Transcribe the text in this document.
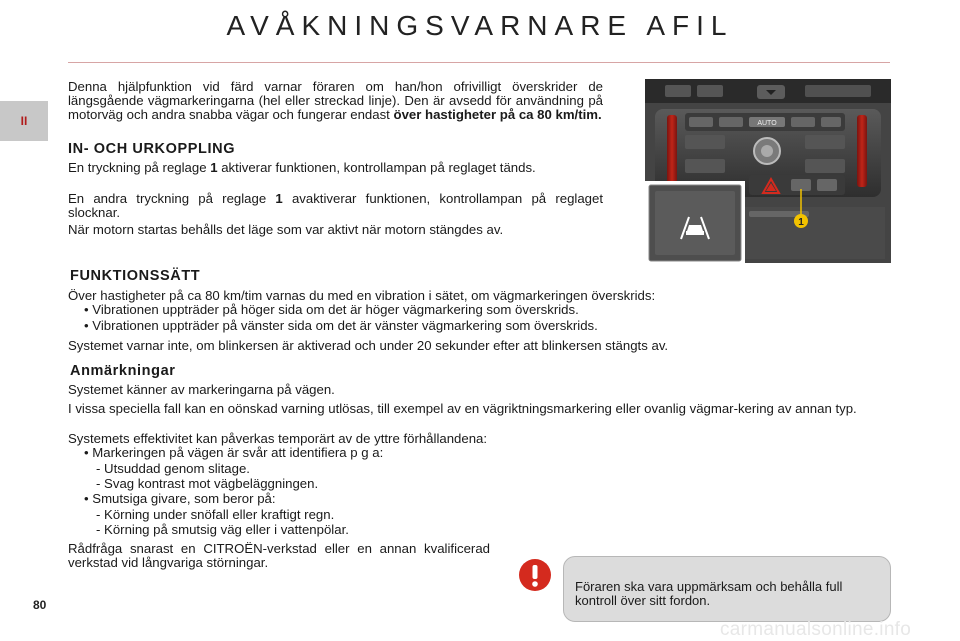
AVÅKNINGSVARNARE AFIL
II
80

Denna hjälpfunktion vid färd varnar föraren om han/hon ofrivilligt överskrider de längsgående vägmarkeringarna (hel eller streckad linje). Den är avsedd för användning på motorväg och andra snabba vägar och fungerar endast över hastigheter på ca 80 km/tim.

IN- OCH URKOPPLING

En tryckning på reglage 1 aktiverar funktionen, kontrollampan på reglaget tänds.

En andra tryckning på reglage 1 avaktiverar funktionen, kontrollampan på reglaget slocknar.

När motorn startas behålls det läge som var aktivt när motorn stängdes av.
AUTO
1
FUNKTIONSSÄTT
Över hastigheter på ca 80 km/tim varnas du med en vibration i sätet, om vägmarkeringen överskrids:
• Vibrationen uppträder på höger sida om det är höger vägmarkering som överskrids.
• Vibrationen uppträder på vänster sida om det är vänster vägmarkering som överskrids.
Systemet varnar inte, om blinkersen är aktiverad och under 20 sekunder efter att blinkersen stängts av.
Anmärkningar
Systemet känner av markeringarna på vägen.
I vissa speciella fall kan en oönskad varning utlösas, till exempel av en vägriktningsmarkering eller ovanlig vägmar-kering av annan typ.
Systemets effektivitet kan påverkas temporärt av de yttre förhållandena:
• Markeringen på vägen är svår att identifiera p g a:
- Utsuddad genom slitage.
- Svag kontrast mot vägbeläggningen.
• Smutsiga givare, som beror på:
- Körning under snöfall eller kraftigt regn.
- Körning på smutsig väg eller i vattenpölar.
Rådfråga snarast en CITROËN-verkstad eller en annan kvalificerad verkstad vid långvariga störningar.
Föraren ska vara uppmärksam och behålla full kontroll över sitt fordon.
carmanualsonline.info
